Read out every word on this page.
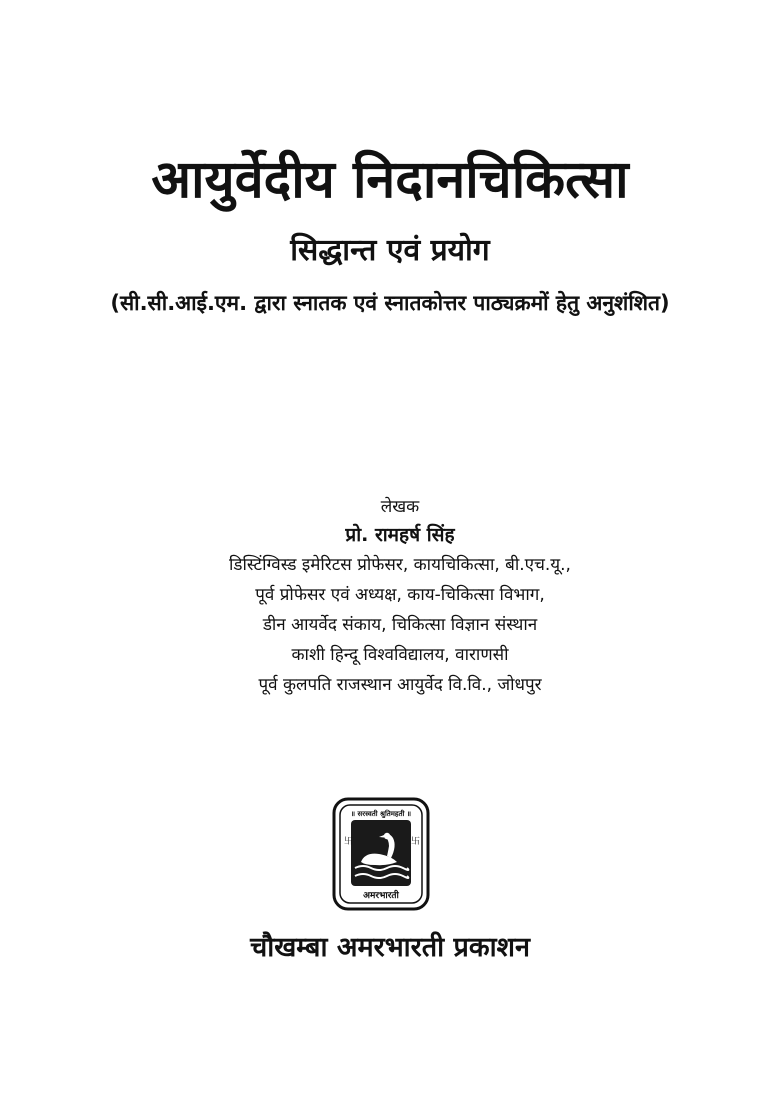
आयुर्वेदीय निदानचिकित्सा
सिद्धान्त एवं प्रयोग
(सी.सी.आई.एम. द्वारा स्नातक एवं स्नातकोत्तर पाठ्यक्रमों हेतु अनुशंशित)
लेखक
प्रो. रामहर्ष सिंह
डिस्टिंग्विस्ड इमेरिटस प्रोफेसर, कायचिकित्सा, बी.एच.यू.,
पूर्व प्रोफेसर एवं अध्यक्ष, काय-चिकित्सा विभाग,
डीन आयर्वेद संकाय, चिकित्सा विज्ञान संस्थान
काशी हिन्दू विश्वविद्यालय, वाराणसी
पूर्व कुलपति राजस्थान आयुर्वेद वि.वि., जोधपुर
॥ सरस्वती श्रुतिमहती ॥
卐	卐
अमरभारती
चौखम्बा अमरभारती प्रकाशन
